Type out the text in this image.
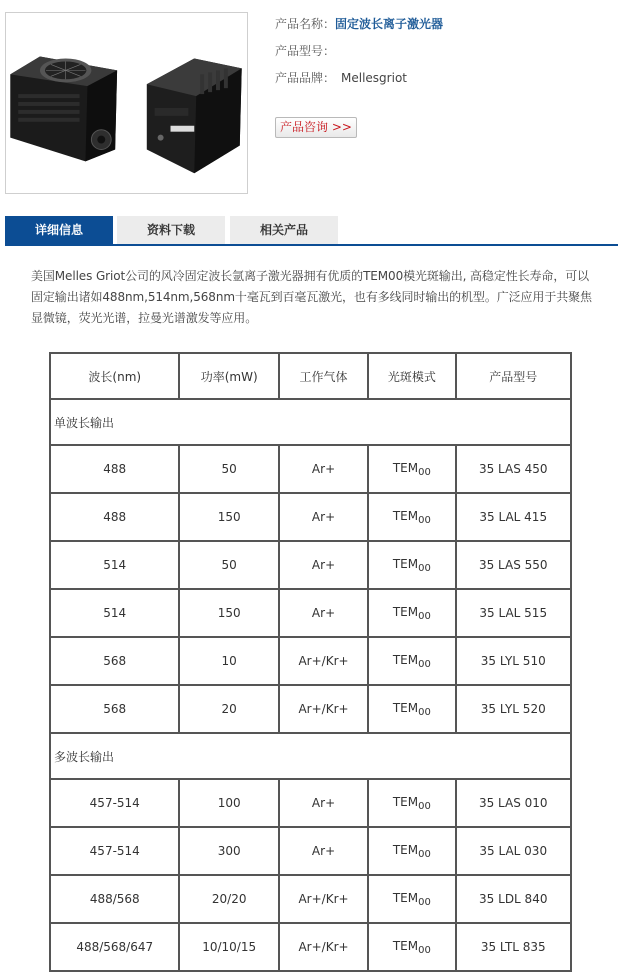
产品名称：固定波长离子激光器
产品型号：
产品品牌： Mellesgriot
产品咨询 >>
详细信息	资料下载	相关产品

美国Melles Griot公司的风冷固定波长氩离子激光器拥有优质的TEM00模光斑输出, 高稳定性长寿命，可以固定输出诸如488nm,514nm,568nm十毫瓦到百毫瓦激光，也有多线同时输出的机型。广泛应用于共聚焦显微镜，荧光光谱，拉曼光谱激发等应用。

波长(nm)	功率(mW)	工作气体	光斑模式	产品型号
单波长输出				
488	50	Ar+	$TEM_{00}$	35 LAS 450
488	150	Ar+	$TEM_{00}$	35 LAL 415
514	50	Ar+	$TEM_{00}$	35 LAS 550
514	150	Ar+	$TEM_{00}$	35 LAL 515
568	10	Ar+/Kr+	$TEM_{00}$	35 LYL 510
568	20	Ar+/Kr+	$TEM_{00}$	35 LYL 520
多波长输出				
457-514	100	Ar+	$TEM_{00}$	35 LAS 010
457-514	300	Ar+	$TEM_{00}$	35 LAL 030
488/568	20/20	Ar+/Kr+	$TEM_{00}$	35 LDL 840
488/568/647	10/10/15	Ar+/Kr+	$TEM_{00}$	35 LTL 835
